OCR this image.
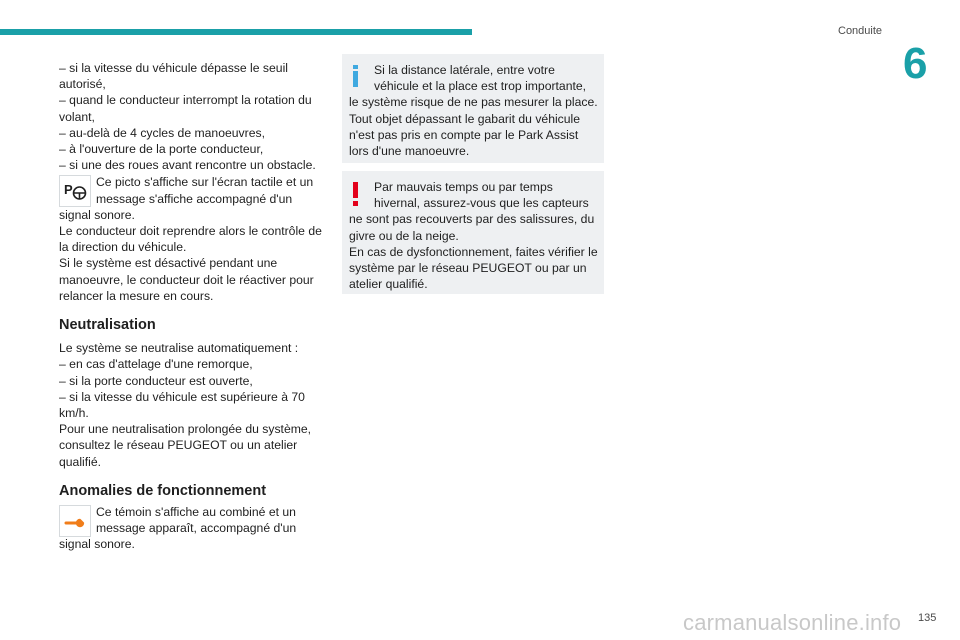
Conduite
6
– si la vitesse du véhicule dépasse le seuil
autorisé,
– quand le conducteur interrompt la rotation du
volant,
– au-delà de 4 cycles de manoeuvres,
– à l'ouverture de la porte conducteur,
– si une des roues avant rencontre un obstacle.
P	Ce picto s'affiche sur l'écran tactile et un
message s'affiche accompagné d'un
signal sonore.
Le conducteur doit reprendre alors le contrôle de
la direction du véhicule.
Si le système est désactivé pendant une
manoeuvre, le conducteur doit le réactiver pour
relancer la mesure en cours.
Neutralisation
Le système se neutralise automatiquement :
– en cas d'attelage d'une remorque,
– si la porte conducteur est ouverte,
– si la vitesse du véhicule est supérieure à 70
km/h.
Pour une neutralisation prolongée du système,
consultez le réseau PEUGEOT ou un atelier
qualifié.
Anomalies de fonctionnement
Ce témoin s'affiche au combiné et un
message apparaît, accompagné d'un
signal sonore.
Si la distance latérale, entre votre
véhicule et la place est trop importante,
le système risque de ne pas mesurer la place.
Tout objet dépassant le gabarit du véhicule
n'est pas pris en compte par le Park Assist
lors d'une manoeuvre.
Par mauvais temps ou par temps
hivernal, assurez-vous que les capteurs
ne sont pas recouverts par des salissures, du
givre ou de la neige.
En cas de dysfonctionnement, faites vérifier le
système par le réseau PEUGEOT ou par un
atelier qualifié.
carmanualsonline.info 135
